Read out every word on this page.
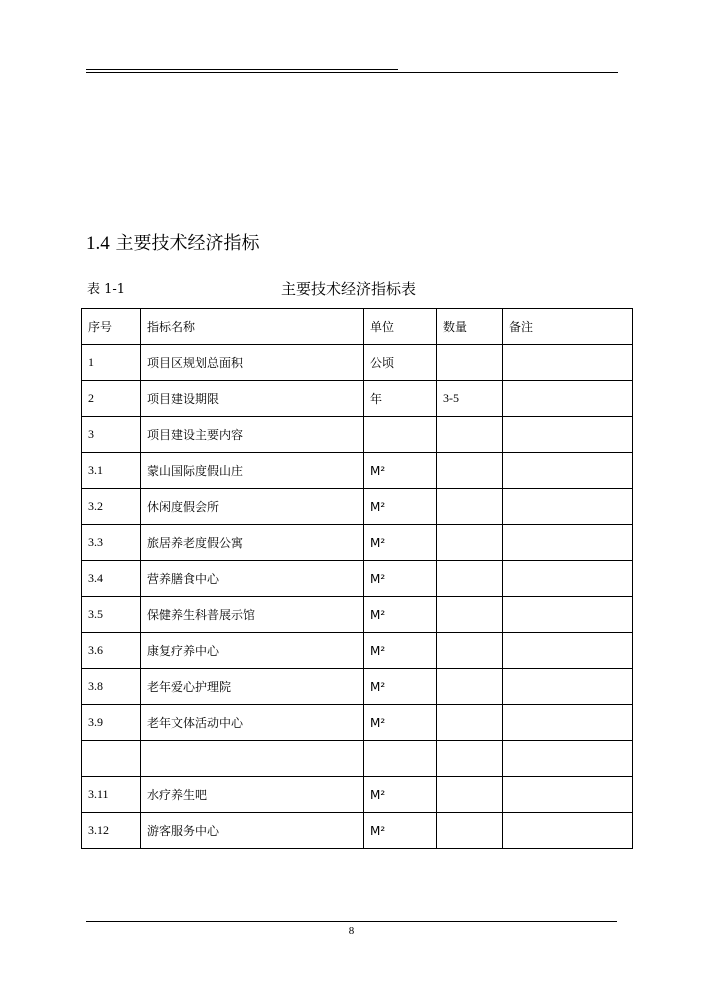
1.4 主要技术经济指标
表 1-1	主要技术经济指标表
序号	指标名称	单位	数量	备注
1	项目区规划总面积	公顷		
2	项目建设期限	年	3-5	
3	项目建设主要内容			
3.1	蒙山国际度假山庄	M²		
3.2	休闲度假会所	M²		
3.3	旅居养老度假公寓	M²		
3.4	营养膳食中心	M²		
3.5	保健养生科普展示馆	M²		
3.6	康复疗养中心	M²		
3.8	老年爱心护理院	M²		
3.9	老年文体活动中心	M²		

3.11	水疗养生吧	M²		
3.12	游客服务中心	M²		
8
